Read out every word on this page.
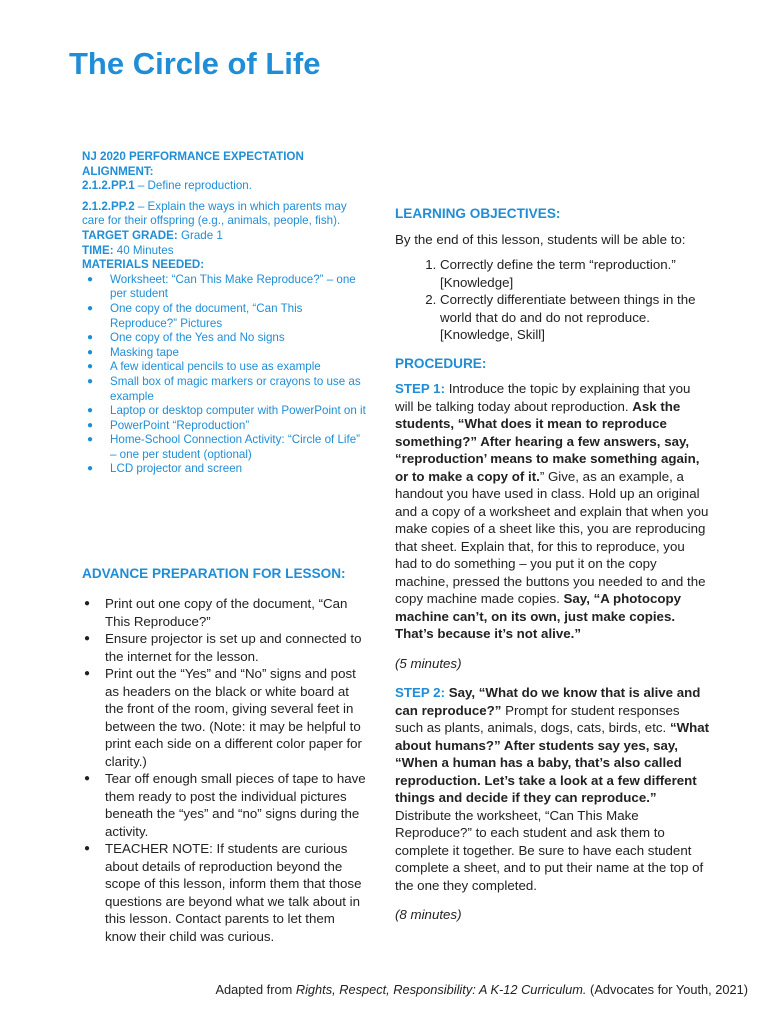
The Circle of Life

NJ 2020 PERFORMANCE EXPECTATION ALIGNMENT:

2.1.2.PP.1 – Define reproduction.

2.1.2.PP.2 – Explain the ways in which parents may care for their offspring (e.g., animals, people, fish).

TARGET GRADE: Grade 1

TIME: 40 Minutes

MATERIALS NEEDED:

● Worksheet: “Can This Make Reproduce?” – one per student
● One copy of the document, “Can This Reproduce?” Pictures
● One copy of the Yes and No signs
● Masking tape
● A few identical pencils to use as example
● Small box of magic markers or crayons to use as example
● Laptop or desktop computer with PowerPoint on it
● PowerPoint “Reproduction”
● Home-School Connection Activity: “Circle of Life” – one per student (optional)
● LCD projector and screen
ADVANCE PREPARATION FOR LESSON:
● Print out one copy of the document, “Can This Reproduce?”
● Ensure projector is set up and connected to the internet for the lesson.
● Print out the “Yes” and “No” signs and post as headers on the black or white board at the front of the room, giving several feet in between the two. (Note: it may be helpful to print each side on a different color paper for clarity.)
● Tear off enough small pieces of tape to have them ready to post the individual pictures beneath the “yes” and “no” signs during the activity.
● TEACHER NOTE: If students are curious about details of reproduction beyond the scope of this lesson, inform them that those questions are beyond what we talk about in this lesson. Contact parents to let them know their child was curious.
LEARNING OBJECTIVES:

By the end of this lesson, students will be able to:

1. Correctly define the term “reproduction.” [Knowledge]
2. Correctly differentiate between things in the world that do and do not reproduce. [Knowledge, Skill]
PROCEDURE:

STEP 1: Introduce the topic by explaining that you will be talking today about reproduction. Ask the students, “What does it mean to reproduce something?” After hearing a few answers, say, “reproduction’ means to make something again, or to make a copy of it.” Give, as an example, a handout you have used in class. Hold up an original and a copy of a worksheet and explain that when you make copies of a sheet like this, you are reproducing that sheet. Explain that, for this to reproduce, you had to do something – you put it on the copy machine, pressed the buttons you needed to and the copy machine made copies. Say, “A photocopy machine can’t, on its own, just make copies. That’s because it’s not alive.”

(5 minutes)

STEP 2: Say, “What do we know that is alive and can reproduce?” Prompt for student responses such as plants, animals, dogs, cats, birds, etc. “What about humans?” After students say yes, say, “When a human has a baby, that’s also called reproduction. Let’s take a look at a few different things and decide if they can reproduce.” Distribute the worksheet, “Can This Make Reproduce?” to each student and ask them to complete it together. Be sure to have each student complete a sheet, and to put their name at the top of the one they completed.

(8 minutes)

Adapted from Rights, Respect, Responsibility: A K-12 Curriculum. (Advocates for Youth, 2021)
